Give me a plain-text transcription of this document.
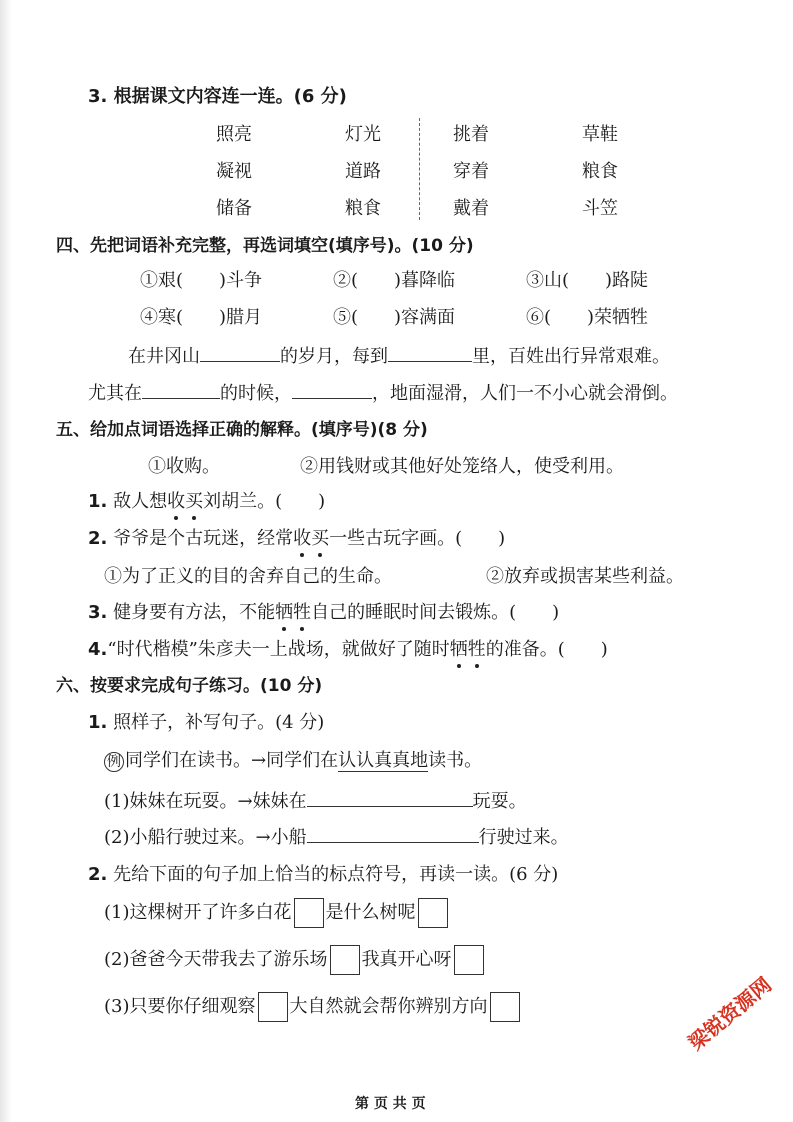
3. 根据课文内容连一连。(6 分)
照亮	灯光	挑着	草鞋
凝视	道路	穿着	粮食
储备	粮食	戴着	斗笠
四、先把词语补充完整，再选词填空(填序号)。(10 分)
①艰(　　)斗争	②(　　)暮降临	③山(　　)路陡
④寒(　　)腊月	⑤(　　)容满面	⑥(　　)荣牺牲
在井冈山	的岁月，每到	里，百姓出行异常艰难。
尤其在	的时候，	，地面湿滑，人们一不小心就会滑倒。
五、给加点词语选择正确的解释。(填序号)(8 分)
①收购。	②用钱财或其他好处笼络人，使受利用。
1. 敌人想收买刘胡兰。(　　)
2. 爷爷是个古玩迷，经常收买一些古玩字画。(　　)
①为了正义的目的舍弃自己的生命。	②放弃或损害某些利益。
3. 健身要有方法，不能牺牲自己的睡眠时间去锻炼。(　　)
4.“时代楷模”朱彦夫一上战场，就做好了随时牺牲的准备。(　　)
六、按要求完成句子练习。(10 分)
1. 照样子，补写句子。(4 分)
例 同学们在读书。→同学们在认认真真地读书。
(1)妹妹在玩耍。→妹妹在	玩耍。
(2)小船行驶过来。→小船	行驶过来。
2. 先给下面的句子加上恰当的标点符号，再读一读。(6 分)
(1)这棵树开了许多白花 是什么树呢
(2)爸爸今天带我去了游乐场 我真开心呀
(3)只要你仔细观察 大自然就会帮你辨别方向	梁锐资源网
第 页 共 页
